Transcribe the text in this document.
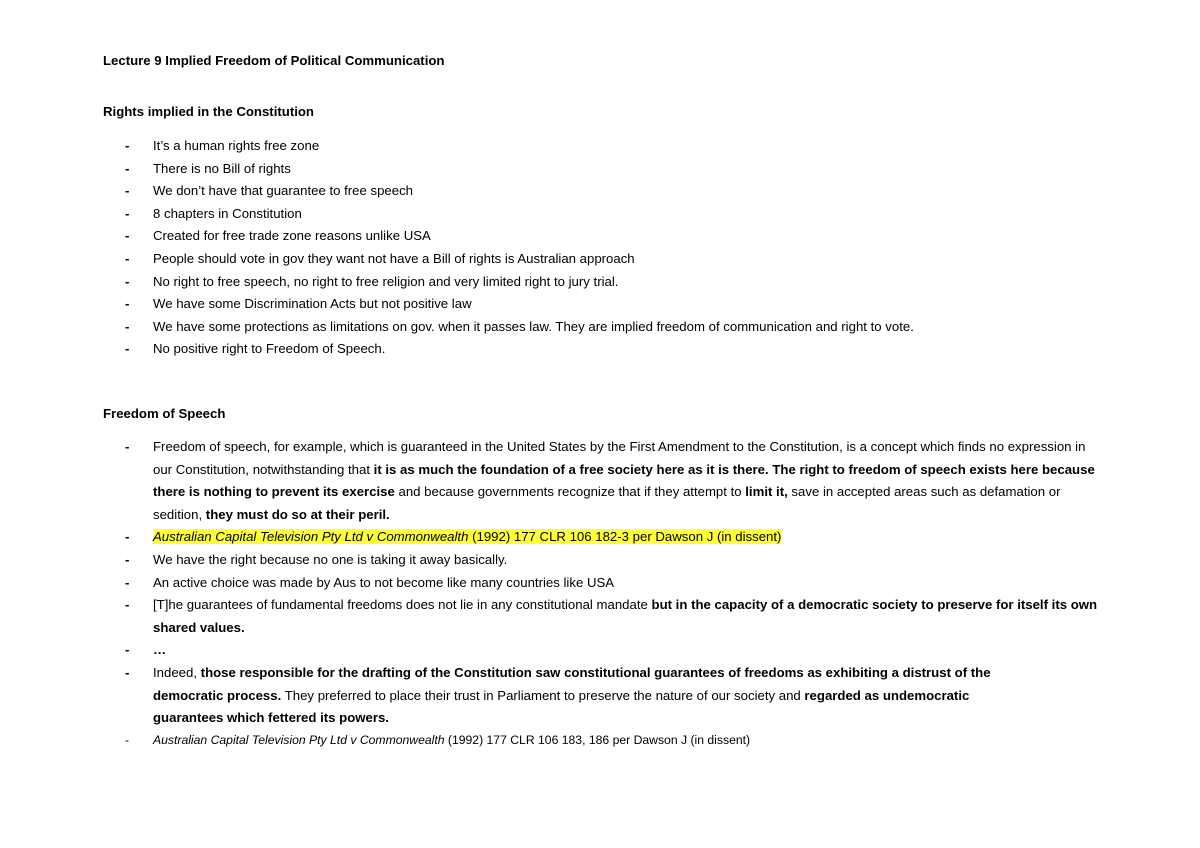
Lecture 9 Implied Freedom of Political Communication
Rights implied in the Constitution
- It’s a human rights free zone
- There is no Bill of rights
- We don’t have that guarantee to free speech
- 8 chapters in Constitution
- Created for free trade zone reasons unlike USA
- People should vote in gov they want not have a Bill of rights is Australian approach
- No right to free speech, no right to free religion and very limited right to jury trial.
- We have some Discrimination Acts but not positive law
- We have some protections as limitations on gov. when it passes law. They are implied freedom of communication and right to vote.
- No positive right to Freedom of Speech.
Freedom of Speech
- Freedom of speech, for example, which is guaranteed in the United States by the First Amendment to the Constitution, is a concept which finds no expression in our Constitution, notwithstanding that it is as much the foundation of a free society here as it is there. The right to freedom of speech exists here because there is nothing to prevent its exercise and because governments recognize that if they attempt to limit it, save in accepted areas such as defamation or sedition, they must do so at their peril.
- Australian Capital Television Pty Ltd v Commonwealth (1992) 177 CLR 106 182-3 per Dawson J (in dissent)
- We have the right because no one is taking it away basically.
- An active choice was made by Aus to not become like many countries like USA
- [T]he guarantees of fundamental freedoms does not lie in any constitutional mandate but in the capacity of a democratic society to preserve for itself its own shared values.
- …
- Indeed, those responsible for the drafting of the Constitution saw constitutional guarantees of freedoms as exhibiting a distrust of the democratic process. They preferred to place their trust in Parliament to preserve the nature of our society and regarded as undemocratic guarantees which fettered its powers.
- Australian Capital Television Pty Ltd v Commonwealth (1992) 177 CLR 106 183, 186 per Dawson J (in dissent)
